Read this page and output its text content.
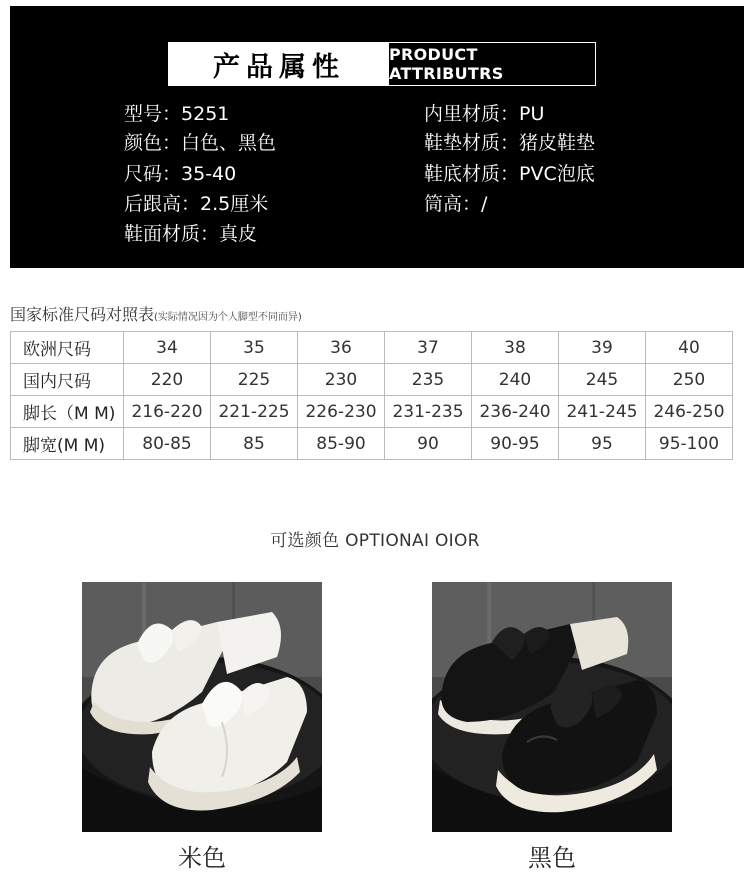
产品属性	PRODUCT ATTRIBUTRS
型号：5251
颜色：白色、黑色
尺码：35-40
后跟高：2.5厘米
鞋面材质：真皮
内里材质：PU
鞋垫材质：猪皮鞋垫
鞋底材质：PVC泡底
筒高：/
国家标准尺码对照表(实际情况因为个人脚型不同而异)
欧洲尺码	34	35	36	37	38	39	40
国内尺码	220	225	230	235	240	245	250
脚长（M M)	216-220	221-225	226-230	231-235	236-240	241-245	246-250
脚宽(M M)	80-85	85	85-90	90	90-95	95	95-100
可选颜色 OPTIONAI OIOR
米色	黑色
